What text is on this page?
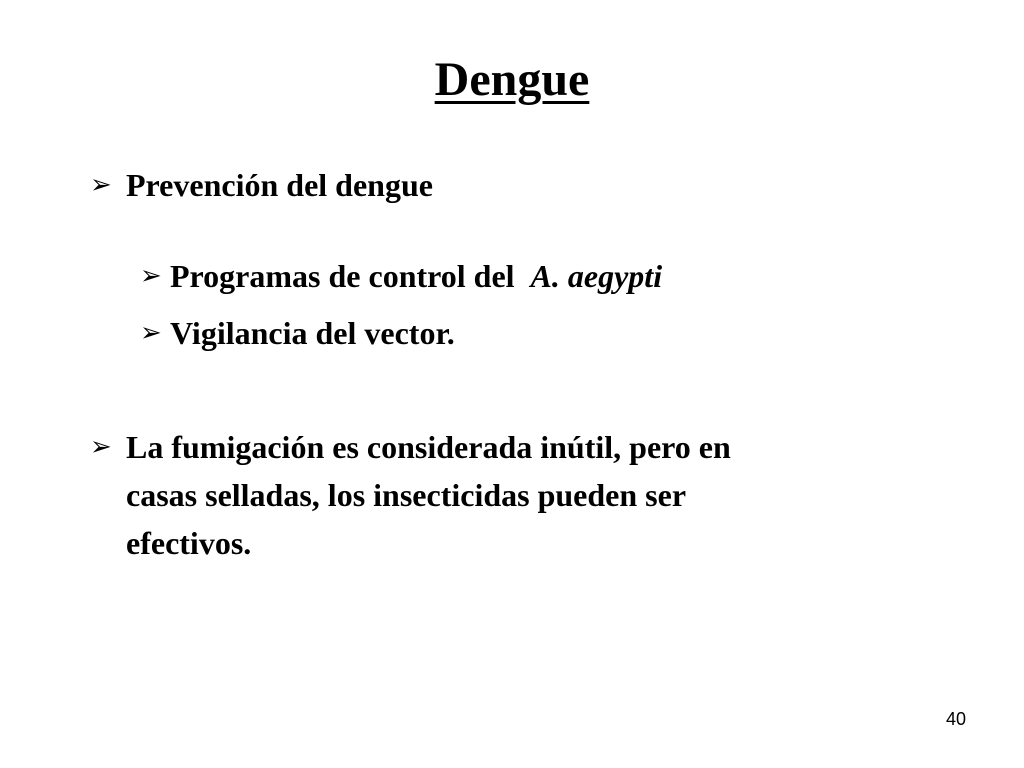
Dengue
➢ Prevención del dengue
➢ Programas de control del A. aegypti
➢ Vigilancia del vector.
➢ La fumigación es considerada inútil, pero en
casas selladas, los insecticidas pueden ser
efectivos.
40
